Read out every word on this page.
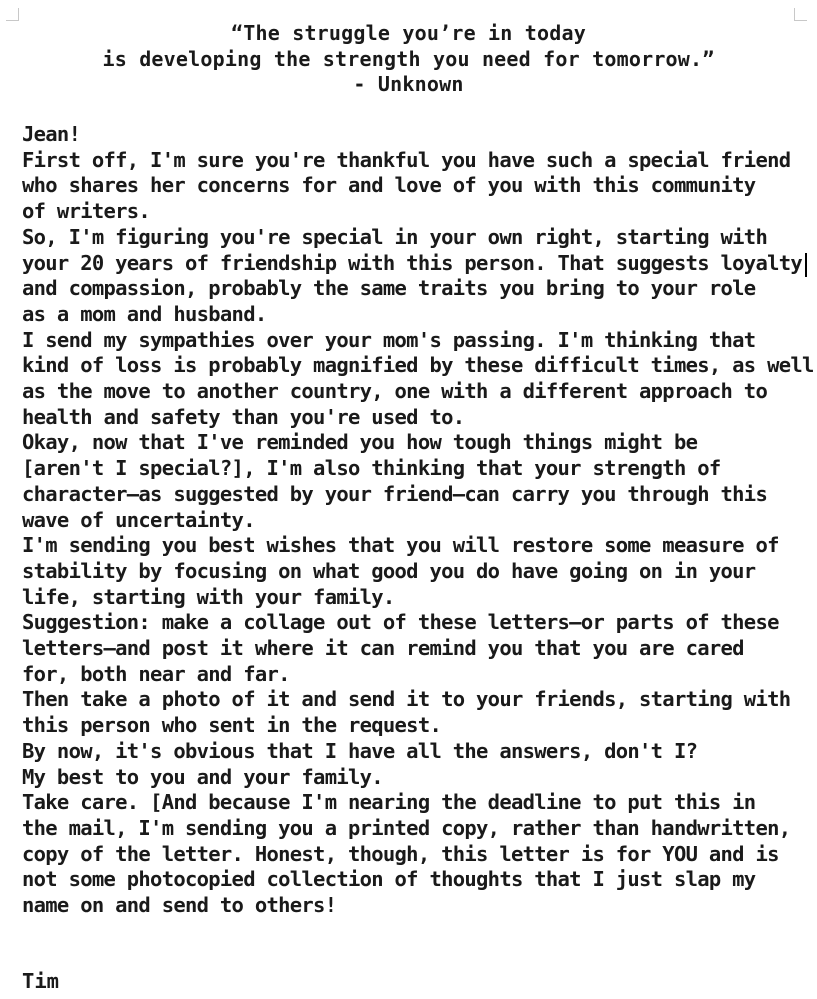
“The struggle you’re in today
is developing the strength you need for tomorrow.”
- Unknown
Jean!
First off, I'm sure you're thankful you have such a special friend
who shares her concerns for and love of you with this community
of writers.
So, I'm figuring you're special in your own right, starting with
your 20 years of friendship with this person. That suggests loyalty
and compassion, probably the same traits you bring to your role
as a mom and husband.
I send my sympathies over your mom's passing. I'm thinking that
kind of loss is probably magnified by these difficult times, as well
as the move to another country, one with a different approach to
health and safety than you're used to.
Okay, now that I've reminded you how tough things might be
[aren't I special?], I'm also thinking that your strength of
character—as suggested by your friend—can carry you through this
wave of uncertainty.
I'm sending you best wishes that you will restore some measure of
stability by focusing on what good you do have going on in your
life, starting with your family.
Suggestion: make a collage out of these letters—or parts of these
letters—and post it where it can remind you that you are cared
for, both near and far.
Then take a photo of it and send it to your friends, starting with
this person who sent in the request.
By now, it's obvious that I have all the answers, don't I?
My best to you and your family.
Take care. [And because I'm nearing the deadline to put this in
the mail, I'm sending you a printed copy, rather than handwritten,
copy of the letter. Honest, though, this letter is for YOU and is
not some photocopied collection of thoughts that I just slap my
name on and send to others!
Tim
